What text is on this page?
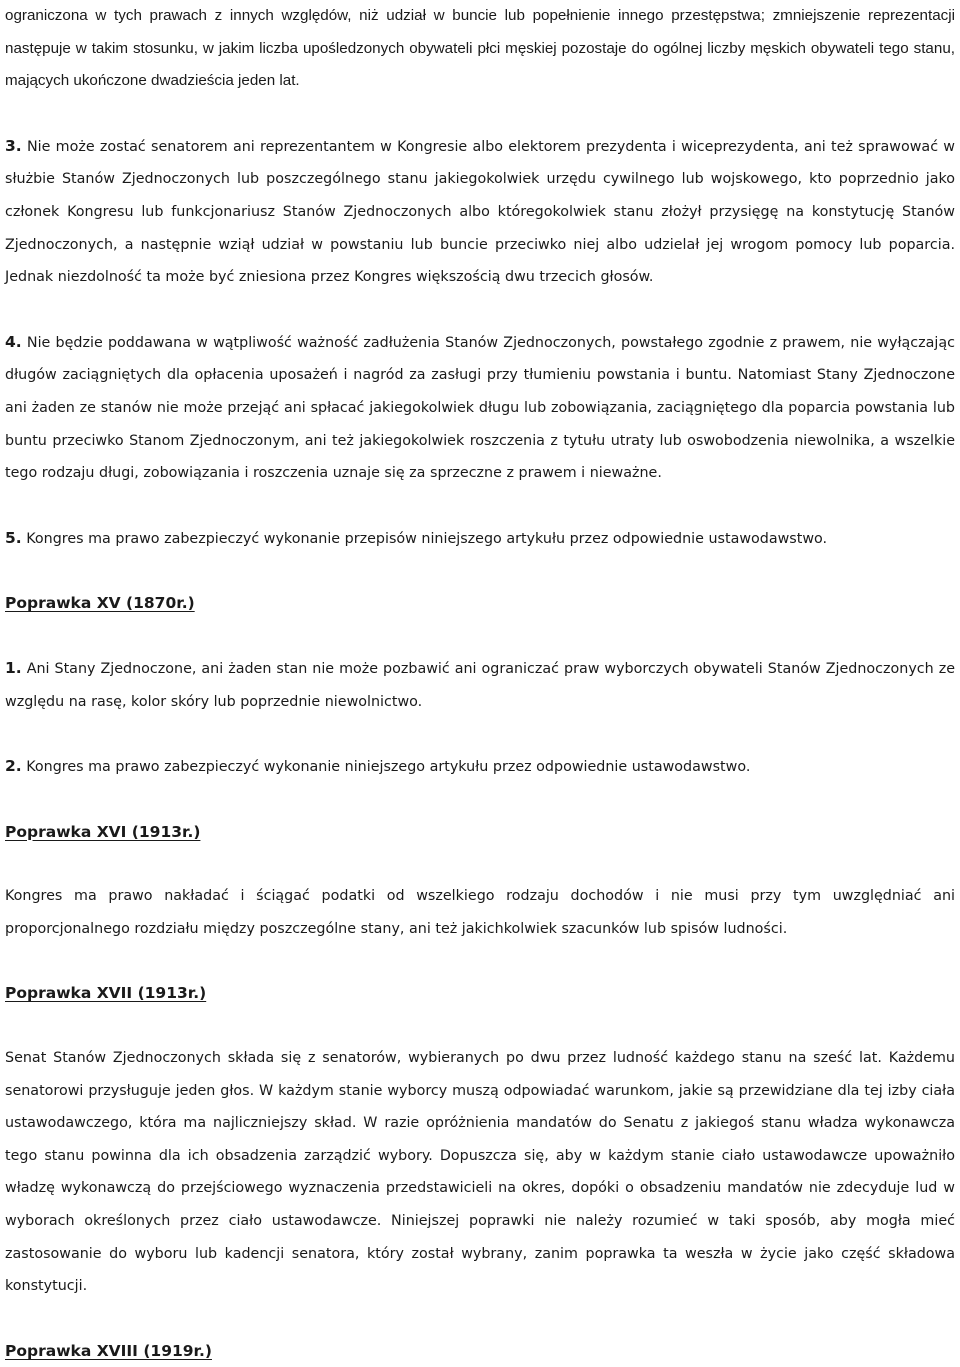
ograniczona w tych prawach z innych względów, niż udział w buncie lub popełnienie innego przestępstwa; zmniejszenie reprezentacji następuje w takim stosunku, w jakim liczba upośledzonych obywateli płci męskiej pozostaje do ogólnej liczby męskich obywateli tego stanu, mających ukończone dwadzieścia jeden lat.

3. Nie może zostać senatorem ani reprezentantem w Kongresie albo elektorem prezydenta i wiceprezydenta, ani też sprawować w służbie Stanów Zjednoczonych lub poszczególnego stanu jakiegokolwiek urzędu cywilnego lub wojskowego, kto poprzednio jako członek Kongresu lub funkcjonariusz Stanów Zjednoczonych albo któregokolwiek stanu złożył przysięgę na konstytucję Stanów Zjednoczonych, a następnie wziął udział w powstaniu lub buncie przeciwko niej albo udzielał jej wrogom pomocy lub poparcia. Jednak niezdolność ta może być zniesiona przez Kongres większością dwu trzecich głosów.

4. Nie będzie poddawana w wątpliwość ważność zadłużenia Stanów Zjednoczonych, powstałego zgodnie z prawem, nie wyłączając długów zaciągniętych dla opłacenia uposażeń i nagród za zasługi przy tłumieniu powstania i buntu. Natomiast Stany Zjednoczone ani żaden ze stanów nie może przejąć ani spłacać jakiegokolwiek długu lub zobowiązania, zaciągniętego dla poparcia powstania lub buntu przeciwko Stanom Zjednoczonym, ani też jakiegokolwiek roszczenia z tytułu utraty lub oswobodzenia niewolnika, a wszelkie tego rodzaju długi, zobowiązania i roszczenia uznaje się za sprzeczne z prawem i nieważne.

5. Kongres ma prawo zabezpieczyć wykonanie przepisów niniejszego artykułu przez odpowiednie ustawodawstwo.

Poprawka XV (1870r.)

1. Ani Stany Zjednoczone, ani żaden stan nie może pozbawić ani ograniczać praw wyborczych obywateli Stanów Zjednoczonych ze względu na rasę, kolor skóry lub poprzednie niewolnictwo.

2. Kongres ma prawo zabezpieczyć wykonanie niniejszego artykułu przez odpowiednie ustawodawstwo.

Poprawka XVI (1913r.)

Kongres ma prawo nakładać i ściągać podatki od wszelkiego rodzaju dochodów i nie musi przy tym uwzględniać ani proporcjonalnego rozdziału między poszczególne stany, ani też jakichkolwiek szacunków lub spisów ludności.

Poprawka XVII (1913r.)

Senat Stanów Zjednoczonych składa się z senatorów, wybieranych po dwu przez ludność każdego stanu na sześć lat. Każdemu senatorowi przysługuje jeden głos. W każdym stanie wyborcy muszą odpowiadać warunkom, jakie są przewidziane dla tej izby ciała ustawodawczego, która ma najliczniejszy skład. W razie opróżnienia mandatów do Senatu z jakiegoś stanu władza wykonawcza tego stanu powinna dla ich obsadzenia zarządzić wybory. Dopuszcza się, aby w każdym stanie ciało ustawodawcze upoważniło władzę wykonawczą do przejściowego wyznaczenia przedstawicieli na okres, dopóki o obsadzeniu mandatów nie zdecyduje lud w wyborach określonych przez ciało ustawodawcze. Niniejszej poprawki nie należy rozumieć w taki sposób, aby mogła mieć zastosowanie do wyboru lub kadencji senatora, który został wybrany, zanim poprawka ta weszła w życie jako część składowa konstytucji.

Poprawka XVIII (1919r.)
